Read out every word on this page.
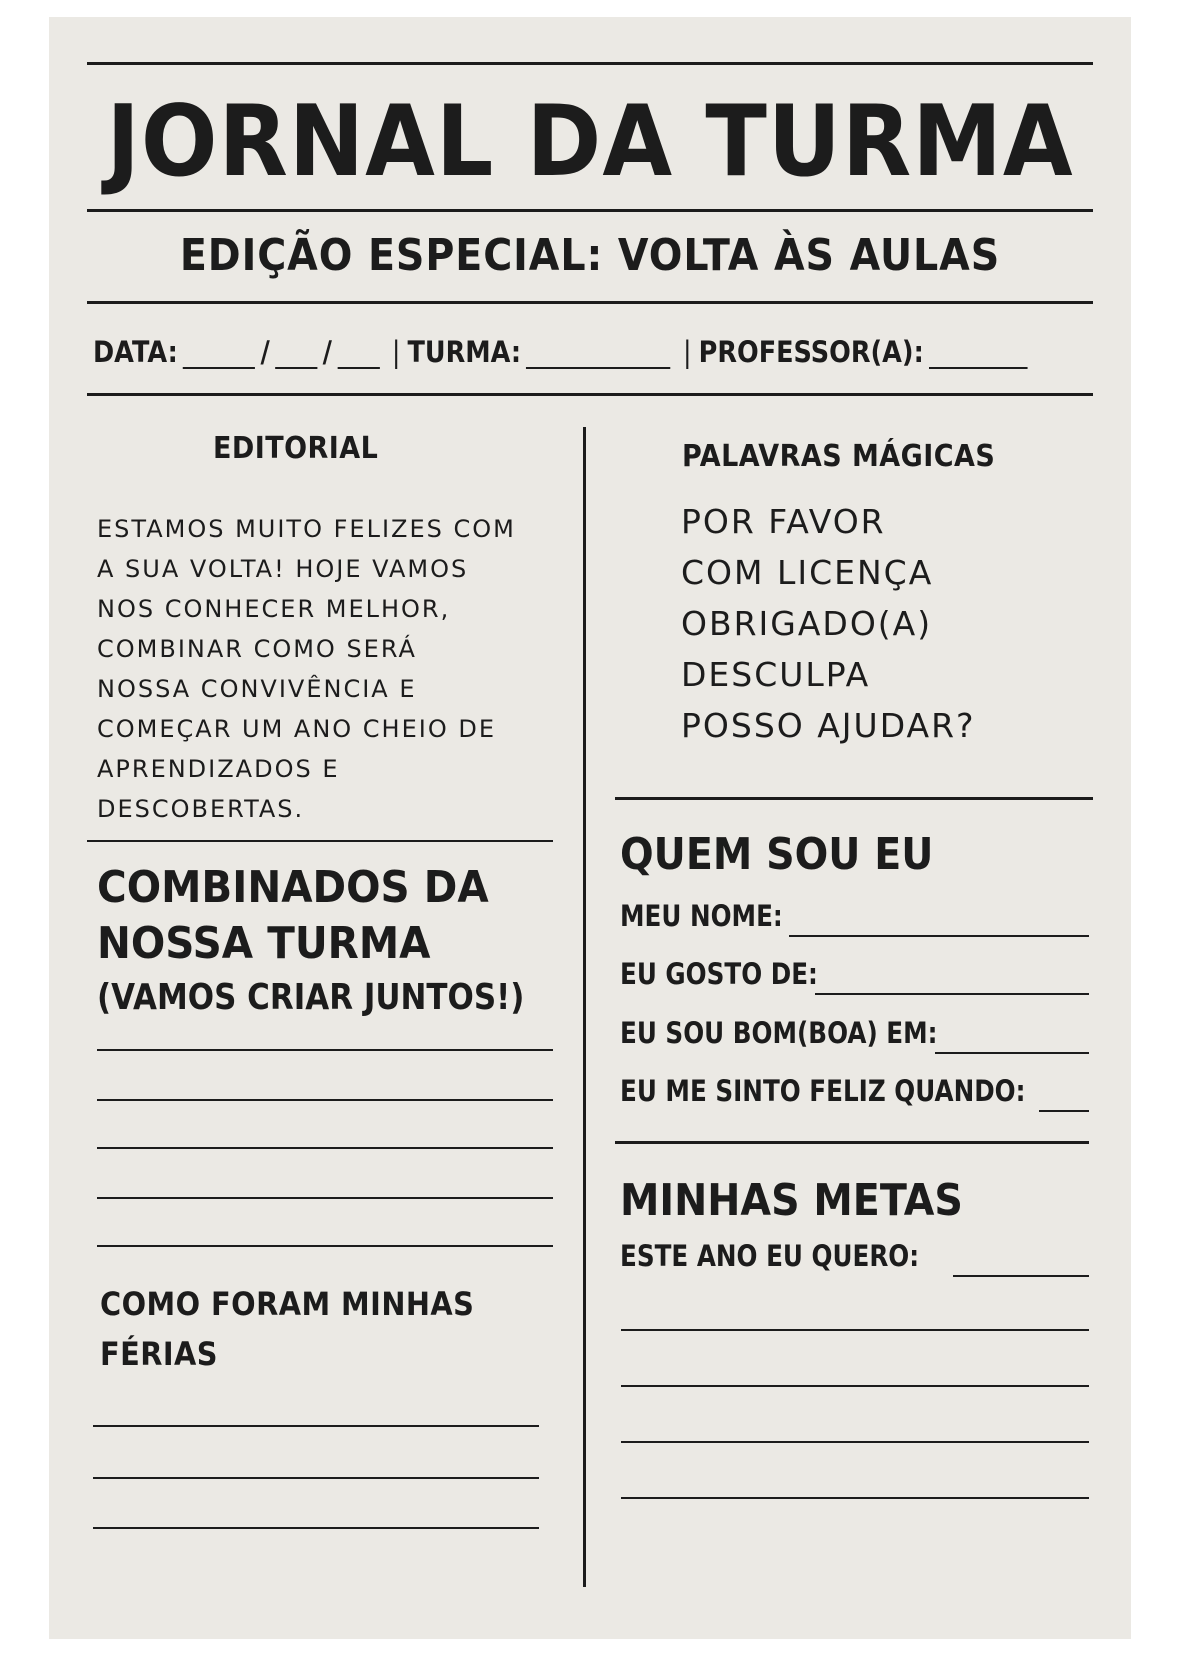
JORNAL DA TURMA
EDIÇÃO ESPECIAL: VOLTA ÀS AULAS
DATA:	/ / | TURMA:	| PROFESSOR(A):
EDITORIAL
ESTAMOS MUITO FELIZES COM
A SUA VOLTA! HOJE VAMOS
NOS CONHECER MELHOR,
COMBINAR COMO SERÁ
NOSSA CONVIVÊNCIA E
COMEÇAR UM ANO CHEIO DE
APRENDIZADOS E
DESCOBERTAS.
COMBINADOS DA
NOSSA TURMA
(VAMOS CRIAR JUNTOS!)
COMO FORAM MINHAS
FÉRIAS
PALAVRAS MÁGICAS
POR FAVOR
COM LICENÇA
OBRIGADO(A)
DESCULPA
POSSO AJUDAR?
QUEM SOU EU
MEU NOME:
EU GOSTO DE:
EU SOU BOM(BOA) EM:
EU ME SINTO FELIZ QUANDO:
MINHAS METAS
ESTE ANO EU QUERO:
